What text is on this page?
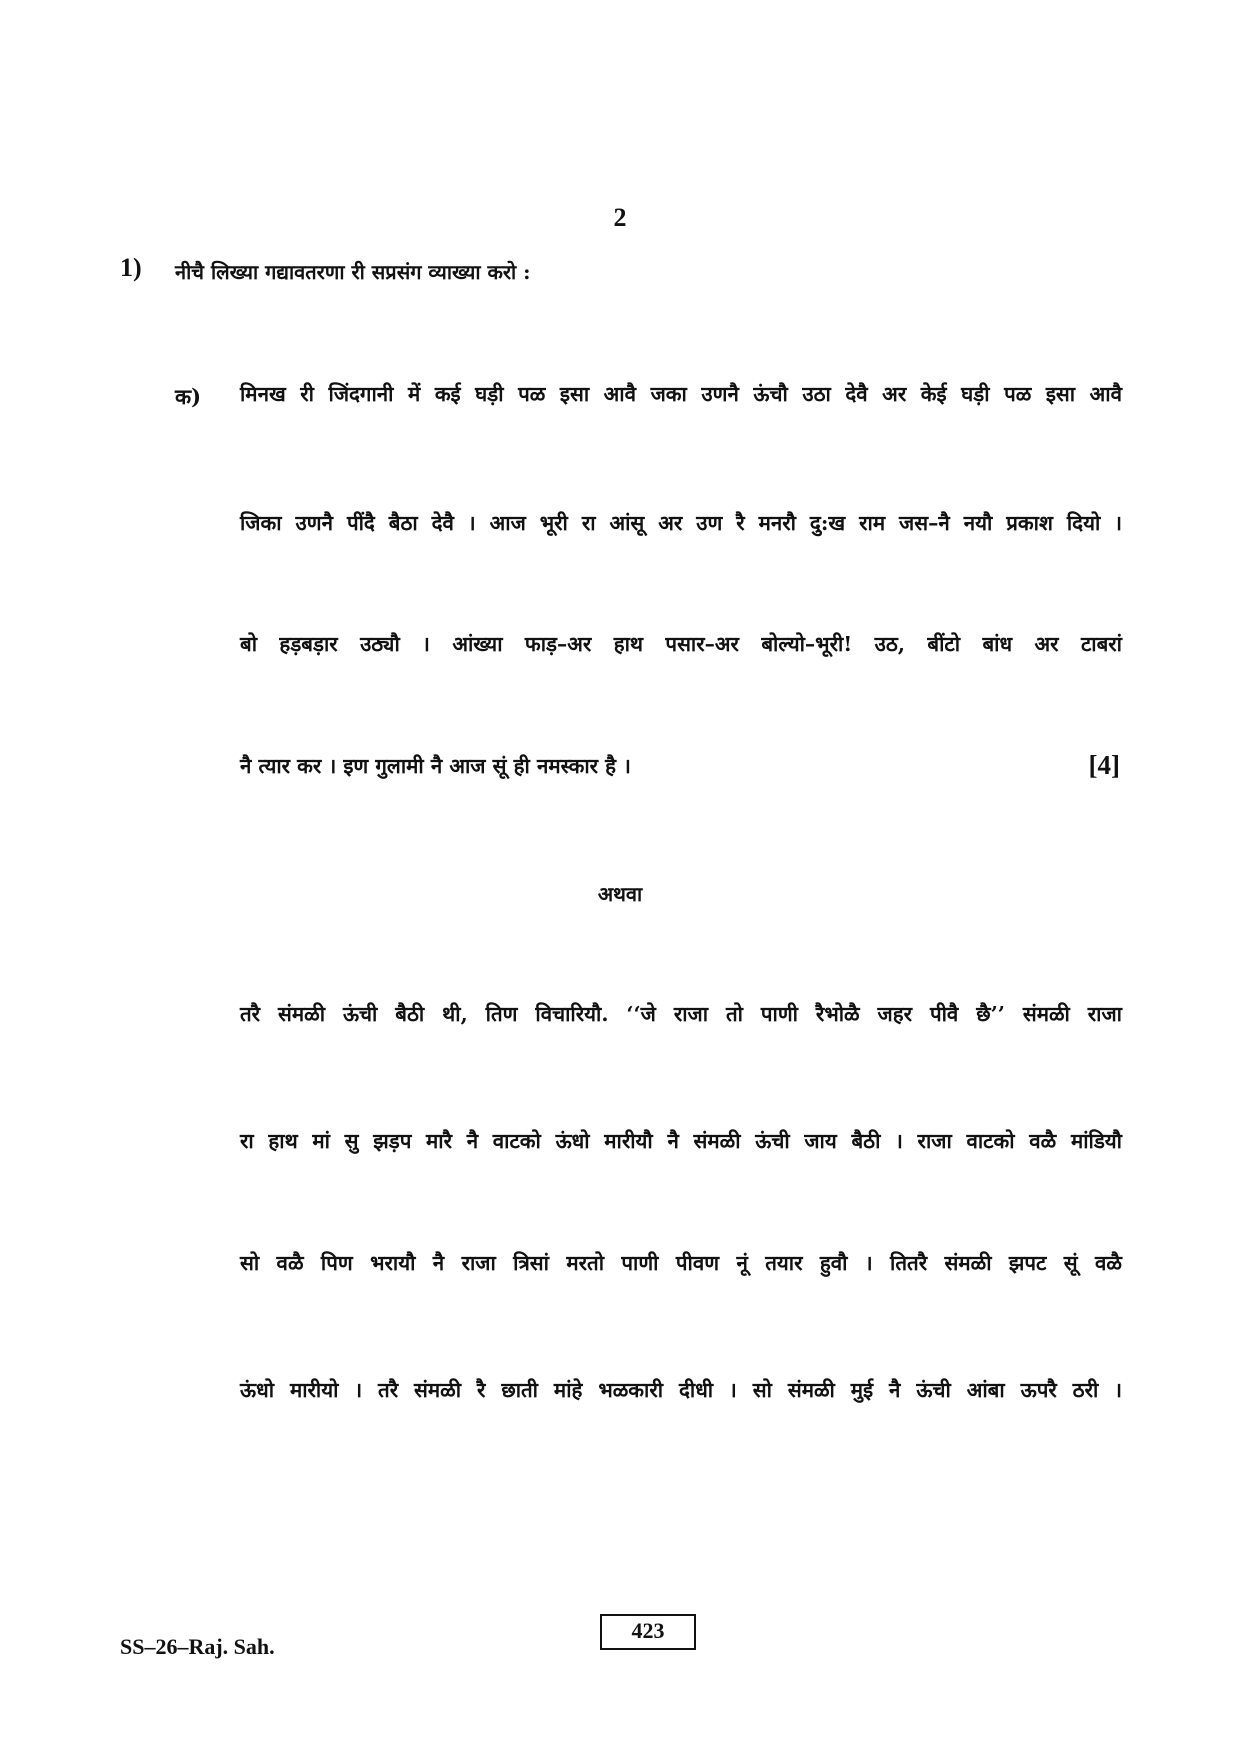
2
1) नीचै लिख्या गद्यावतरणा री सप्रसंग व्याख्या करो :
क) मिनख री जिंदगानी में कई घड़ी पळ इसा आवै जका उणनै ऊंचौ उठा देवै अर केई घड़ी पळ इसा आवै
जिका उणनै पींदै बैठा देवै । आज भूरी रा आंसू अर उण रै मनरौ दु:ख राम जस–नै नयौ प्रकाश दियो ।
बो हड़बड़ार उठ्यौ । आंख्या फाड़–अर हाथ पसार–अर बोल्यो–भूरी! उठ, बींटो बांध अर टाबरां
नै त्यार कर । इण गुलामी नै आज सूं ही नमस्कार है ।	[4]
अथवा
तरै संमळी ऊंची बैठी थी, तिण विचारियौ. ‘‘जे राजा तो पाणी रैभोळै जहर पीवै छै’’ संमळी राजा
रा हाथ मां सु झड़प मारै नै वाटको ऊंधो मारीयौ नै संमळी ऊंची जाय बैठी । राजा वाटको वळै मांडियौ
सो वळै पिण भरायौ नै राजा त्रिसां मरतो पाणी पीवण नूं तयार हुवौ । तितरै संमळी झपट सूं वळै
ऊंधो मारीयो । तरै संमळी रै छाती मांहे भळकारी दीधी । सो संमळी मुई नै ऊंची आंबा ऊपरै ठरी ।
SS–26–Raj. Sah.
423
